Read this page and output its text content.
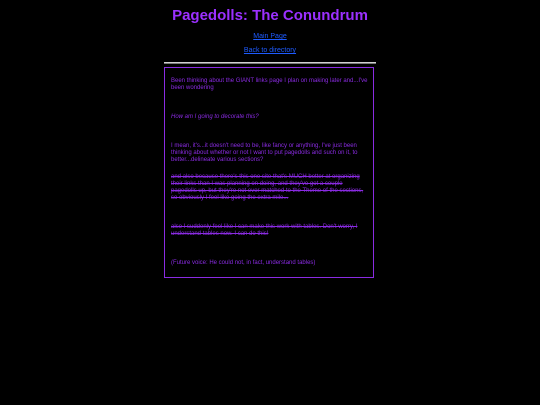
Pagedolls: The Conundrum
Main Page
Back to directory

Been thinking about the GIANT links page I plan on making later and...I've been wondering

How am I going to decorate this?

I mean, it's...it doesn't need to be, like fancy or anything, I've just been thinking about whether or not I want to put pagedolls and such on it, to better...delineate various sections?

and also because there's this one site that's MUCH better at organizing their links than I was planning on doing, and they've got a couple pagedolls up, but they're not ever matched to the Theme of the sections, so obviously I feel like going the extra mile...

also I suddenly feel like I can make this work with tables. Don't worry, I understand tables now. I can do this!

(Future voice: He could not, in fact, understand tables)
